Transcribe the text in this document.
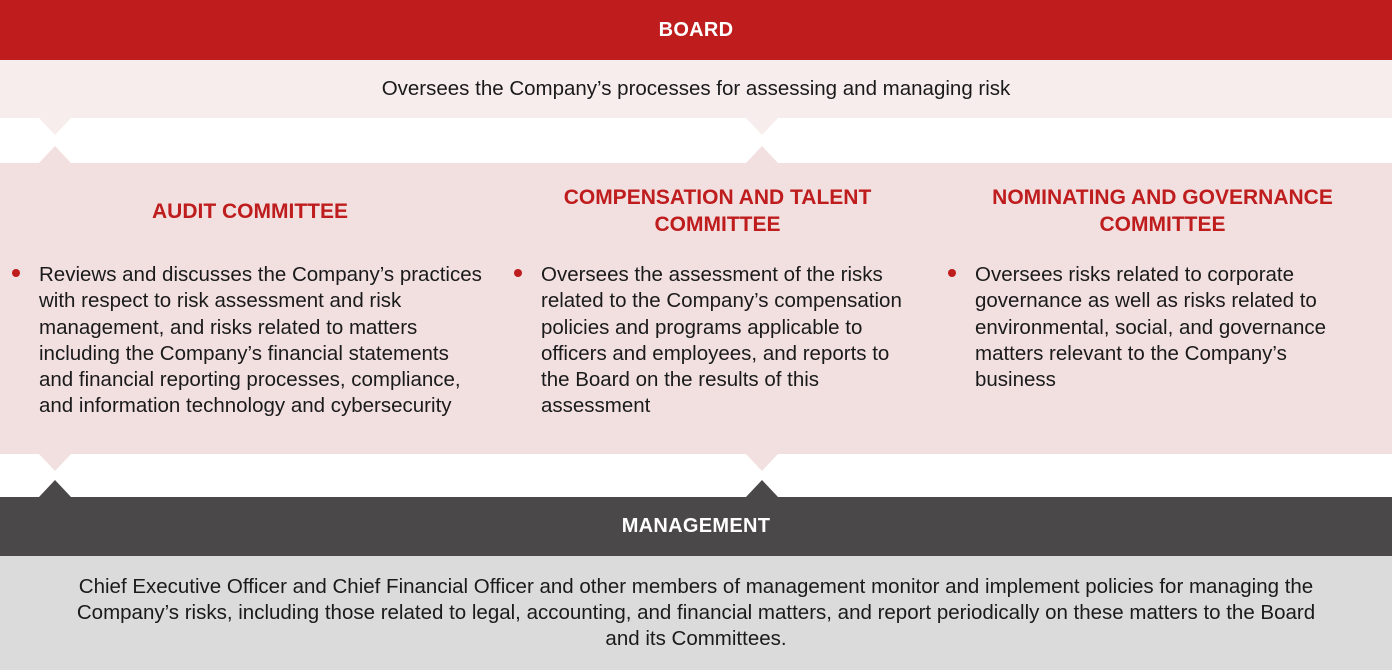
BOARD
Oversees the Company’s processes for assessing and managing risk
AUDIT COMMITTEE

Reviews and discusses the Company’s practices with respect to risk assessment and risk management, and risks related to matters including the Company’s financial statements and financial reporting processes, compliance, and information technology and cybersecurity

COMPENSATION AND TALENT COMMITTEE

Oversees the assessment of the risks related to the Company’s compensation policies and programs applicable to officers and employees, and reports to the Board on the results of this assessment

NOMINATING AND GOVERNANCE COMMITTEE

Oversees risks related to corporate governance as well as risks related to environmental, social, and governance matters relevant to the Company’s business

MANAGEMENT

Chief Executive Officer and Chief Financial Officer and other members of management monitor and implement policies for managing the Company’s risks, including those related to legal, accounting, and financial matters, and report periodically on these matters to the Board and its Committees.
